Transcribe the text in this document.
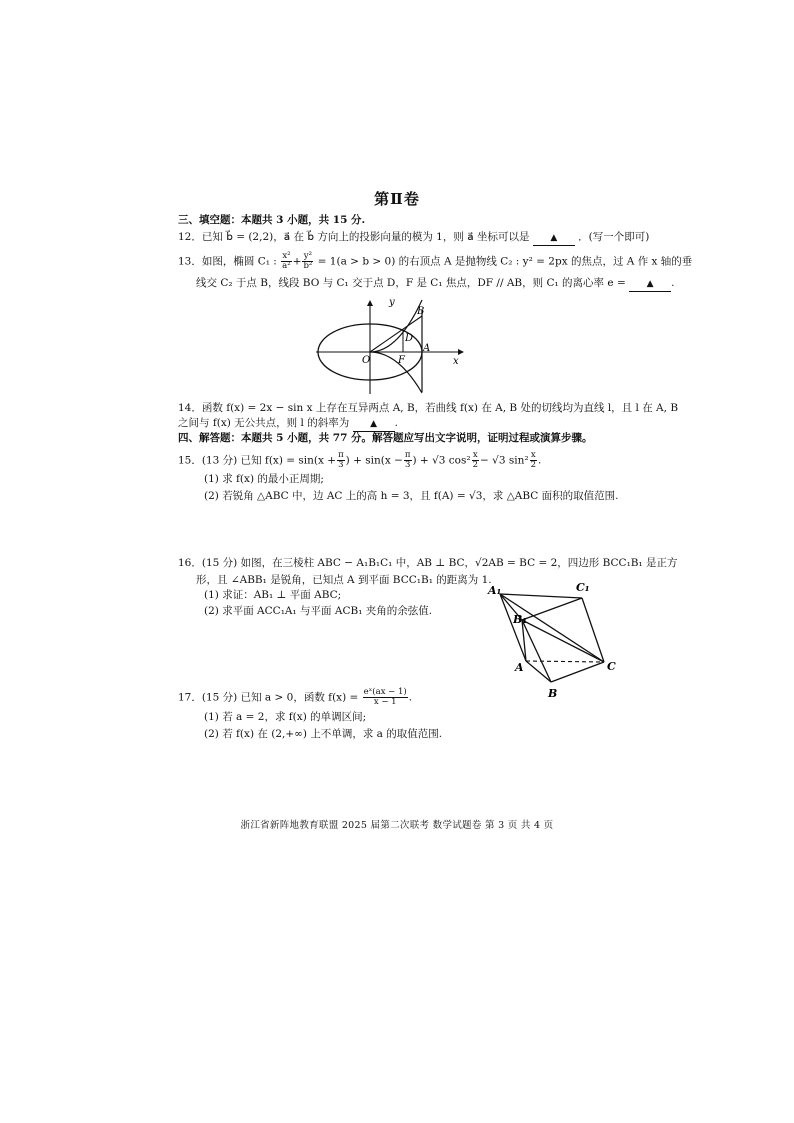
第Ⅱ卷
三、填空题：本题共 3 小题，共 15 分.
12．已知 b⃗ = (2,2)，a⃗ 在 b⃗ 方向上的投影向量的模为 1，则 a⃗ 坐标可以是 ▲ ．(写一个即可)
13．如图，椭圆 C₁ : $\frac{\text{x²}}{\text{a²}} + \frac{\text{y²}}{\text{b²}} = 1(a > b > 0)$ 的右顶点 A 是抛物线 C₂ : y² = 2px 的焦点，过 A 作 x 轴的垂
线交 C₂ 于点 B，线段 BO 与 C₁ 交于点 D，F 是 C₁ 焦点，DF // AB，则 C₁ 的离心率 e = ▲ .
y
x
O	F
A
B
D
14．函数 f(x) = 2x − sin x 上存在互异两点 A, B，若曲线 f(x) 在 A, B 处的切线均为直线 l，且 l 在 A, B
之间与 f(x) 无公共点，则 l 的斜率为 ▲ .
四、解答题：本题共 5 小题，共 77 分。解答题应写出文字说明，证明过程或演算步骤。
15．(13 分) 已知 $f(x) = \sin(x + \frac{\pi}{3}$ ) + $\sin(x - \frac{\pi}{3}$ ) + √3 $\cos^2 \frac{x}{2} - √3$ $\sin^2 \frac{x}{2}$ .
(1) 求 f(x) 的最小正周期;
(2) 若锐角 △ABC 中，边 AC 上的高 h = 3，且 f(A) = √3，求 △ABC 面积的取值范围.
16．(15 分) 如图，在三棱柱 ABC − A₁B₁C₁ 中，AB ⊥ BC，√2AB = BC = 2，四边形 BCC₁B₁ 是正方
形，且 ∠ABB₁ 是锐角，已知点 A 到平面 BCC₁B₁ 的距离为 1.
(1) 求证：AB₁ ⊥ 平面 ABC;
(2) 求平面 ACC₁A₁ 与平面 ACB₁ 夹角的余弦值.
A₁	C₁
B₁
A
B
C
17．(15 分) 已知 a > 0，函数 $f(x) = \frac{\text{eˣ(ax − 1)}}{x - 1}$ .
(1) 若 a = 2，求 f(x) 的单调区间;
(2) 若 f(x) 在 (2,+∞) 上不单调，求 a 的取值范围.
浙江省新阵地教育联盟 2025 届第二次联考 数学试题卷 第 3 页 共 4 页
